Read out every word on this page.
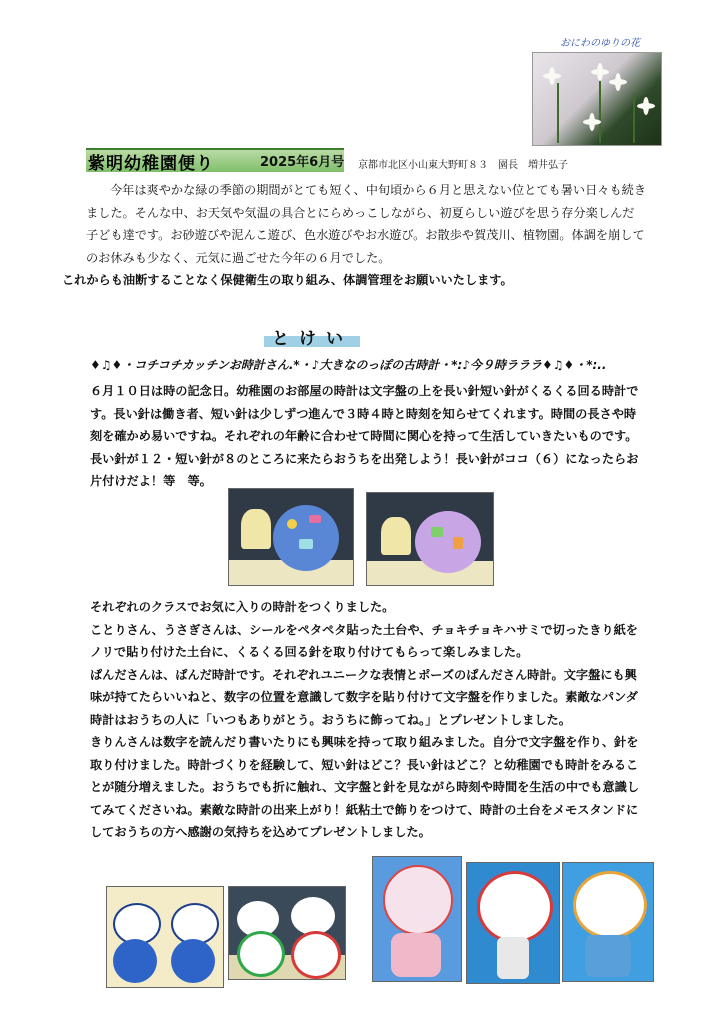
おにわのゆりの花
紫明幼稚園便り	2025年6月号 京都市北区小山東大野町８３　園長　増井弘子
今年は爽やかな緑の季節の期間がとても短く、中旬頃から６月と思えない位とても暑い日々も続きました。そんな中、お天気や気温の具合とにらめっこしながら、初夏らしい遊びを思う存分楽しんだ子ども達です。お砂遊びや泥んこ遊び、色水遊びやお水遊び。お散歩や賀茂川、植物園。体調を崩してのお休みも少なく、元気に過ごせた今年の６月でした。
これからも油断することなく保健衛生の取り組み、体調管理をお願いいたします。
とけい
♦♫♦・コチコチカッチンお時計さん.*・♪大きなのっぽの古時計・*:♪今９時ラララ♦♫♦・*:..
６月１０日は時の記念日。幼稚園のお部屋の時計は文字盤の上を長い針短い針がくるくる回る時計です。長い針は働き者、短い針は少しずつ進んで３時４時と時刻を知らせてくれます。時間の長さや時刻を確かめ易いですね。それぞれの年齢に合わせて時間に関心を持って生活していきたいものです。長い針が１２・短い針が８のところに来たらおうちを出発しよう！長い針がココ（６）になったらお片付けだよ！等　等。
それぞれのクラスでお気に入りの時計をつくりました。
ことりさん、うさぎさんは、シールをペタペタ貼った土台や、チョキチョキハサミで切ったきり紙をノリで貼り付けた土台に、くるくる回る針を取り付けてもらって楽しみました。
ぱんださんは、ぱんだ時計です。それぞれユニークな表情とポーズのぱんださん時計。文字盤にも興味が持てたらいいねと、数字の位置を意識して数字を貼り付けて文字盤を作りました。素敵なパンダ時計はおうちの人に「いつもありがとう。おうちに飾ってね。」とプレゼントしました。
きりんさんは数字を読んだり書いたりにも興味を持って取り組みました。自分で文字盤を作り、針を取り付けました。時計づくりを経験して、短い針はどこ？長い針はどこ？と幼稚園でも時計をみることが随分増えました。おうちでも折に触れ、文字盤と針を見ながら時刻や時間を生活の中でも意識してみてくださいね。素敵な時計の出来上がり！紙粘土で飾りをつけて、時計の土台をメモスタンドにしておうちの方へ感謝の気持ちを込めてプレゼントしました。
